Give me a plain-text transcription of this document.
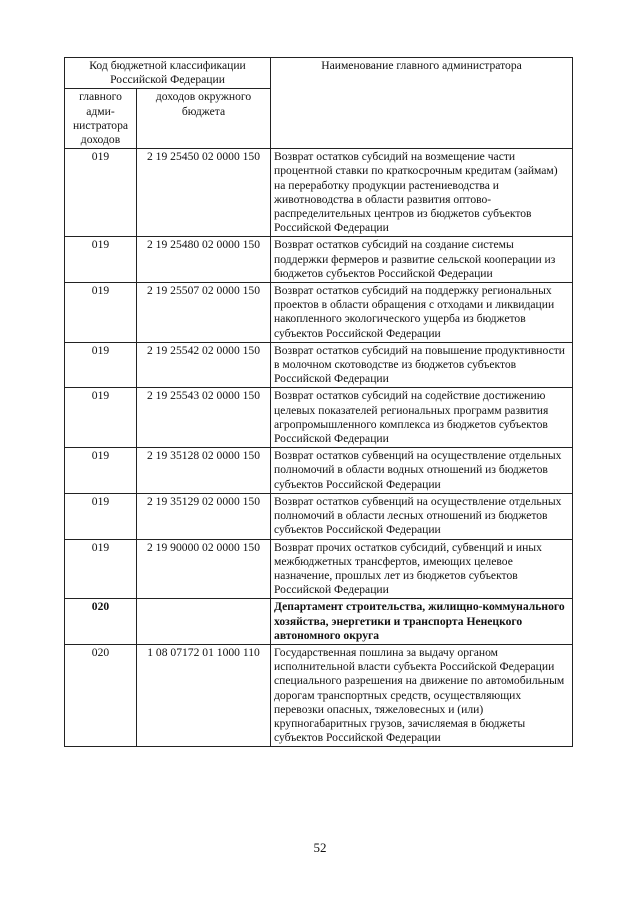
Код бюджетной классификации Российской Федерации		Наименование главного администратора
главного адми-нистратора доходов	доходов окружного бюджета	
019	2 19 25450 02 0000 150	Возврат остатков субсидий на возмещение части процентной ставки по краткосрочным кредитам (займам) на переработку продукции растениеводства и животноводства в области развития оптово-распределительных центров из бюджетов субъектов Российской Федерации
019	2 19 25480 02 0000 150	Возврат остатков субсидий на создание системы поддержки фермеров и развитие сельской кооперации из бюджетов субъектов Российской Федерации
019	2 19 25507 02 0000 150	Возврат остатков субсидий на поддержку региональных проектов в области обращения с отходами и ликвидации накопленного экологического ущерба из бюджетов субъектов Российской Федерации
019	2 19 25542 02 0000 150	Возврат остатков субсидий на повышение продуктивности в молочном скотоводстве из бюджетов субъектов Российской Федерации
019	2 19 25543 02 0000 150	Возврат остатков субсидий на содействие достижению целевых показателей региональных программ развития агропромышленного комплекса из бюджетов субъектов Российской Федерации
019	2 19 35128 02 0000 150	Возврат остатков субвенций на осуществление отдельных полномочий в области водных отношений из бюджетов субъектов Российской Федерации
019	2 19 35129 02 0000 150	Возврат остатков субвенций на осуществление отдельных полномочий в области лесных отношений из бюджетов субъектов Российской Федерации
019	2 19 90000 02 0000 150	Возврат прочих остатков субсидий, субвенций и иных межбюджетных трансфертов, имеющих целевое назначение, прошлых лет из бюджетов субъектов Российской Федерации
020		Департамент строительства, жилищно-коммунального хозяйства, энергетики и транспорта Ненецкого автономного округа
020	1 08 07172 01 1000 110	Государственная пошлина за выдачу органом исполнительной власти субъекта Российской Федерации специального разрешения на движение по автомобильным дорогам транспортных средств, осуществляющих перевозки опасных, тяжеловесных и (или) крупногабаритных грузов, зачисляемая в бюджеты субъектов Российской Федерации
52
